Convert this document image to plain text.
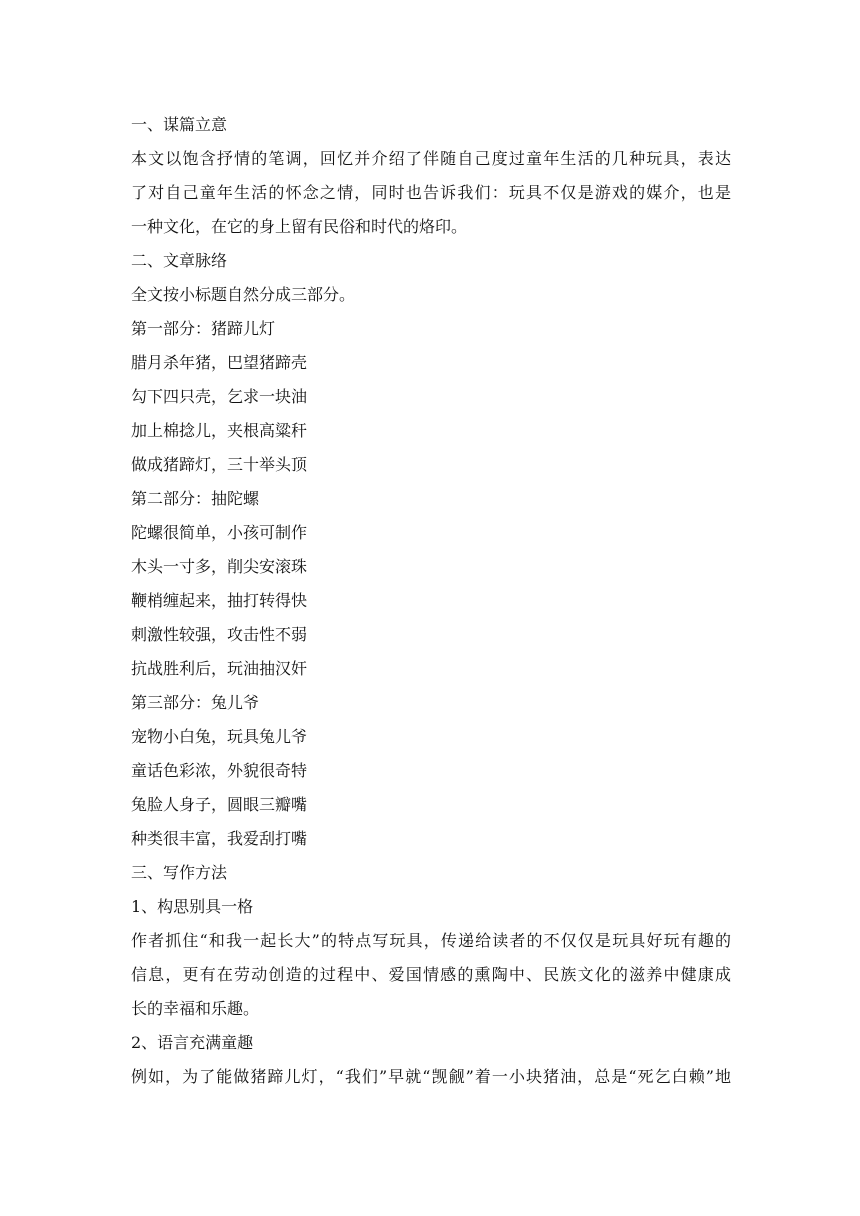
一、谋篇立意
本文以饱含抒情的笔调，回忆并介绍了伴随自己度过童年生活的几种玩具，表达
了对自己童年生活的怀念之情，同时也告诉我们：玩具不仅是游戏的媒介，也是
一种文化，在它的身上留有民俗和时代的烙印。
二、文章脉络
全文按小标题自然分成三部分。
第一部分：猪蹄儿灯
腊月杀年猪，巴望猪蹄壳
勾下四只壳，乞求一块油
加上棉捻儿，夹根高粱秆
做成猪蹄灯，三十举头顶
第二部分：抽陀螺
陀螺很简单，小孩可制作
木头一寸多，削尖安滚珠
鞭梢缠起来，抽打转得快
刺激性较强，攻击性不弱
抗战胜利后，玩油抽汉奸
第三部分：兔儿爷
宠物小白兔，玩具兔儿爷
童话色彩浓，外貌很奇特
兔脸人身子，圆眼三瓣嘴
种类很丰富，我爱刮打嘴
三、写作方法
1、构思别具一格
作者抓住“和我一起长大”的特点写玩具，传递给读者的不仅仅是玩具好玩有趣的
信息，更有在劳动创造的过程中、爱国情感的熏陶中、民族文化的滋养中健康成
长的幸福和乐趣。
2、语言充满童趣
例如，为了能做猪蹄儿灯，“我们”早就“觊觎”着一小块猪油，总是“死乞白赖”地
